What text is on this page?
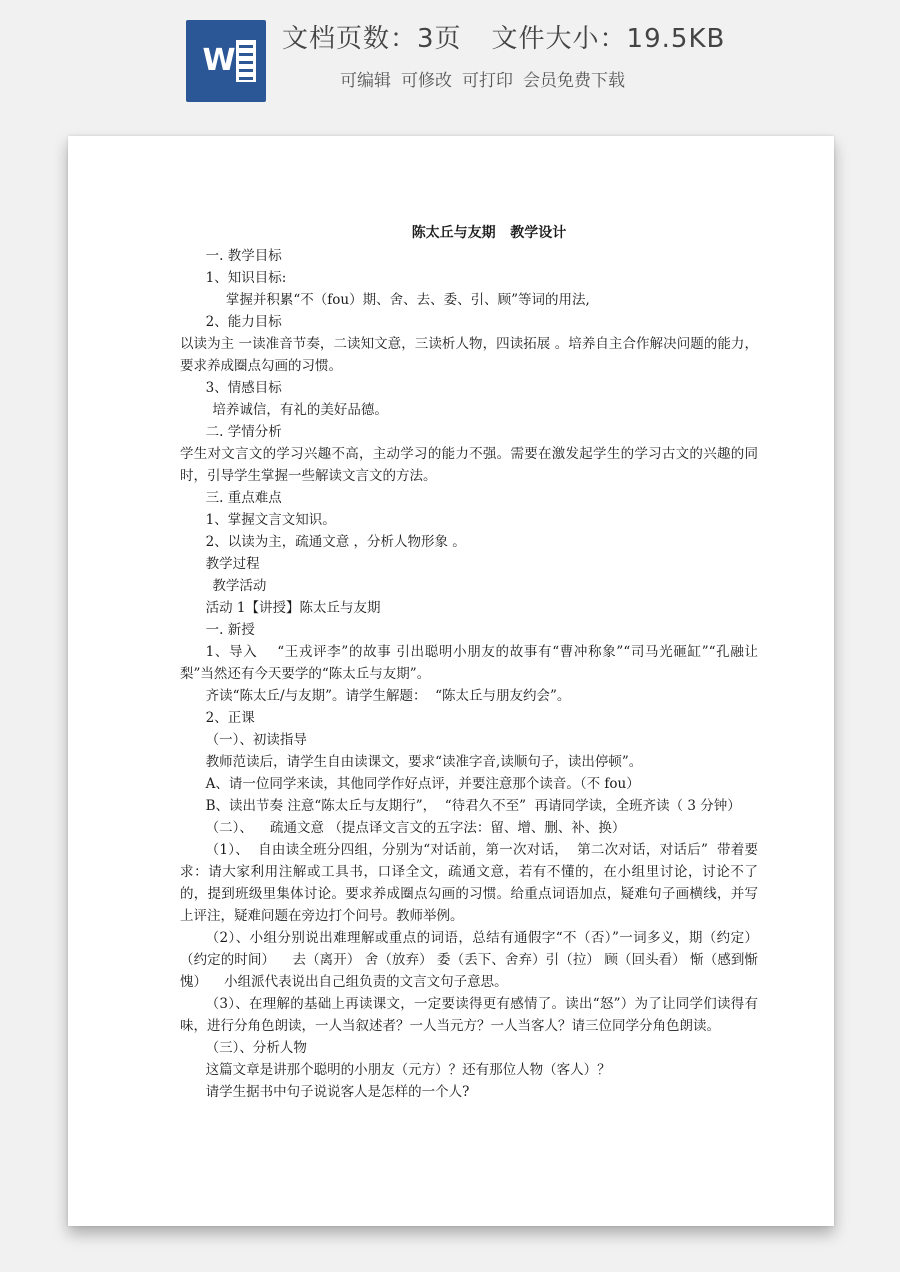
W
文档页数：3页 文件大小：19.5KB
可编辑 可修改 可打印 会员免费下载

陈太丘与友期   教学设计

一. 教学目标

1、知识目标:

掌握并积累“不（fou）期、舍、去、委、引、顾”等词的用法,

2、能力目标

以读为主 一读准音节奏，二读知文意，三读析人物，四读拓展 。培养自主合作解决问题的能力，要求养成圈点勾画的习惯。

3、情感目标

培养诚信，有礼的美好品德。

二. 学情分析

学生对文言文的学习兴趣不高，主动学习的能力不强。需要在激发起学生的学习古文的兴趣的同时，引导学生掌握一些解读文言文的方法。

三. 重点难点

1、掌握文言文知识。

2、以读为主，疏通文意 ，分析人物形象 。

教学过程

教学活动

活动 1【讲授】陈太丘与友期

一. 新授

1、导入    “王戎评李”的故事 引出聪明小朋友的故事有“曹冲称象”“司马光砸缸”“孔融让梨”当然还有今天要学的“陈太丘与友期”。

齐读“陈太丘/与友期”。请学生解题：  “陈太丘与朋友约会”。

2、正课

（一）、初读指导

教师范读后，请学生自由读课文，要求“读准字音,读顺句子，读出停顿”。

A、请一位同学来读，其他同学作好点评，并要注意那个读音。（不 fou）

B、读出节奏 注意“陈太丘与友期行”，  “待君久不至”  再请同学读，全班齐读（ 3 分钟）

（二）、    疏通文意 （提点译文言文的五字法：留、增、删、补、换）

（1）、  自由读全班分四组，分别为“对话前，第一次对话，  第二次对话，对话后”  带着要求：请大家利用注解或工具书，口译全文，疏通文意，若有不懂的，在小组里讨论，讨论不了的，提到班级里集体讨论。要求养成圈点勾画的习惯。给重点词语加点，疑难句子画横线，并写上评注，疑难问题在旁边打个问号。教师举例。

（2）、小组分别说出难理解或重点的词语，总结有通假字“不（否）”一词多义，期（约定）（约定的时间）    去（离开） 舍（放弃） 委（丢下、舍弃）引（拉） 顾（回头看） 惭（感到惭愧）    小组派代表说出自己组负责的文言文句子意思。

（3）、在理解的基础上再读课文，一定要读得更有感情了。读出“怒”）为了让同学们读得有味，进行分角色朗读，一人当叙述者？一人当元方？一人当客人？请三位同学分角色朗读。

（三）、分析人物

这篇文章是讲那个聪明的小朋友（元方）？还有那位人物（客人）？

请学生据书中句子说说客人是怎样的一个人?
